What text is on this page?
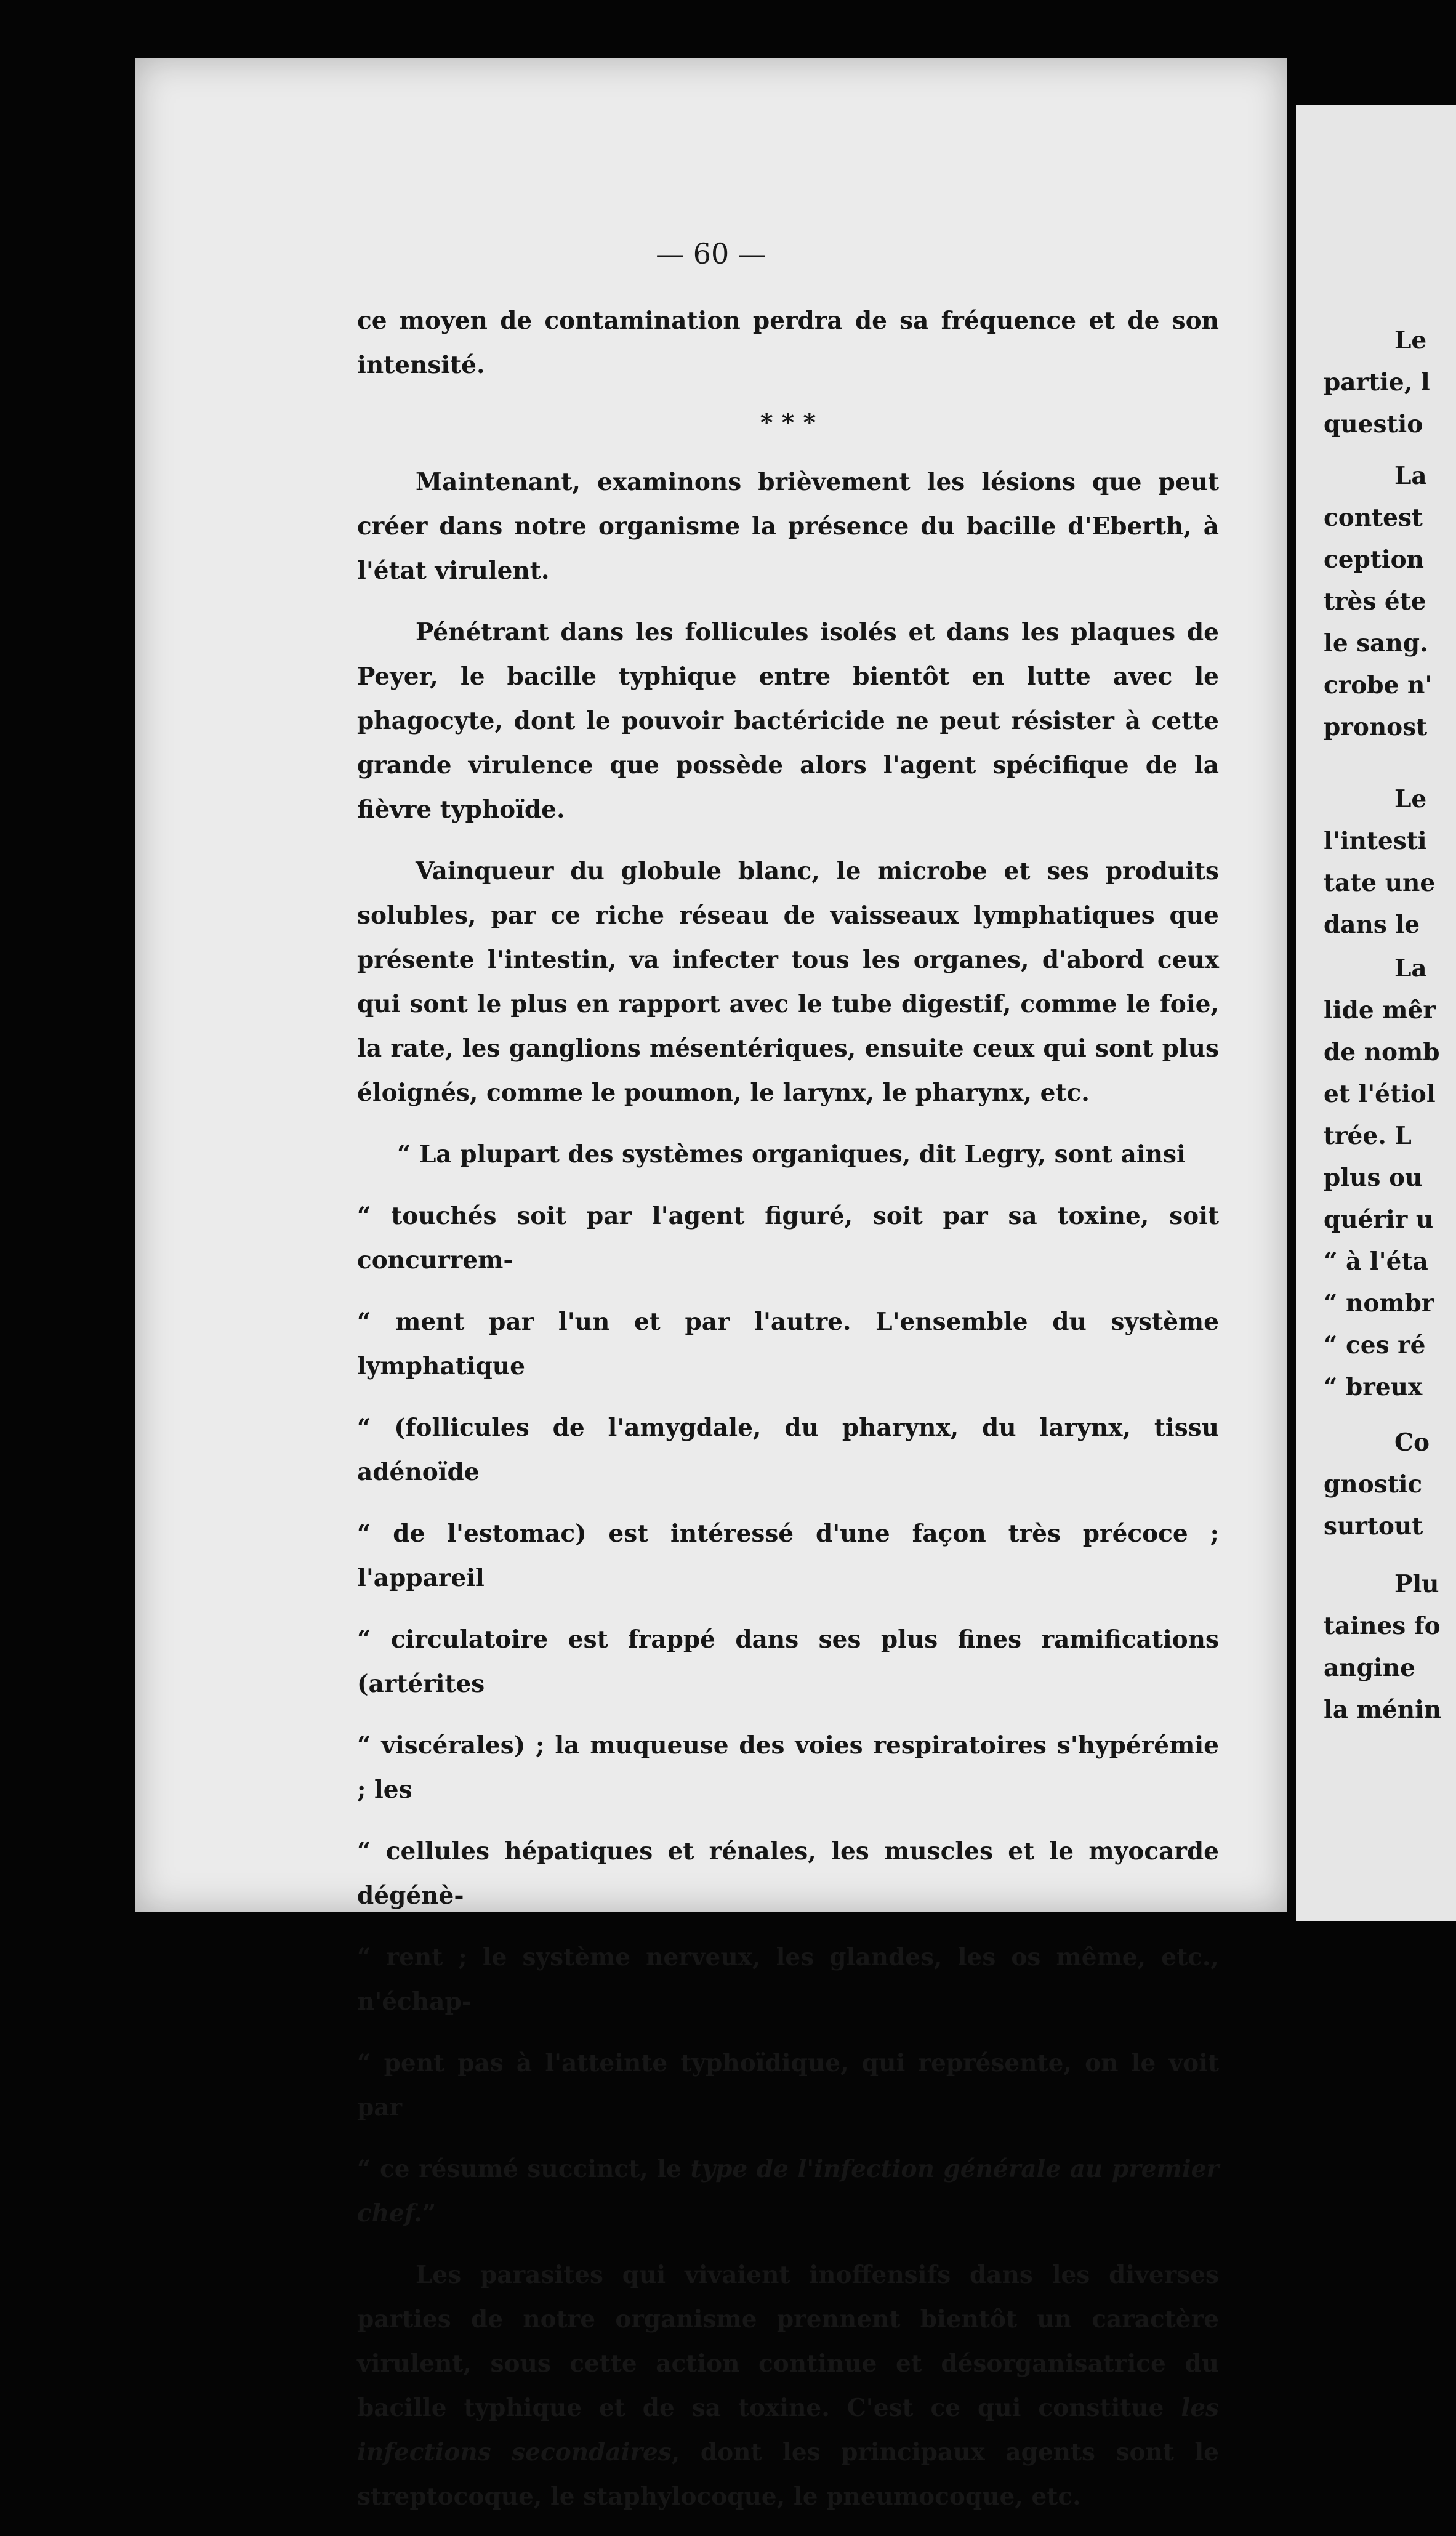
— 60 —

ce moyen de contamination perdra de sa fréquence et de son intensité.

* * *

Maintenant, examinons brièvement les lésions que peut créer dans notre organisme la présence du bacille d'Eberth, à l'état virulent.

Pénétrant dans les follicules isolés et dans les plaques de Peyer, le bacille typhique entre bientôt en lutte avec le phagocyte, dont le pouvoir bactéricide ne peut résister à cette grande virulence que possède alors l'agent spécifique de la fièvre typhoïde.

Vainqueur du globule blanc, le microbe et ses produits solubles, par ce riche réseau de vaisseaux lymphatiques que présente l'intestin, va infecter tous les organes, d'abord ceux qui sont le plus en rapport avec le tube digestif, comme le foie, la rate, les ganglions mésentériques, ensuite ceux qui sont plus éloignés, comme le poumon, le larynx, le pharynx, etc.

“ La plupart des systèmes organiques, dit Legry, sont ainsi

“ touchés soit par l'agent figuré, soit par sa toxine, soit concurrem-

“ ment par l'un et par l'autre. L'ensemble du système lymphatique

“ (follicules de l'amygdale, du pharynx, du larynx, tissu adénoïde

“ de l'estomac) est intéressé d'une façon très précoce ; l'appareil

“ circulatoire est frappé dans ses plus fines ramifications (artérites

“ viscérales) ; la muqueuse des voies respiratoires s'hypérémie ; les

“ cellules hépatiques et rénales, les muscles et le myocarde dégénè-

“ rent ; le système nerveux, les glandes, les os même, etc., n'échap-

“ pent pas à l'atteinte typhoïdique, qui représente, on le voit par

“ ce résumé succinct, le type de l'infection générale au premier chef.”

Les parasites qui vivaient inoffensifs dans les diverses parties de notre organisme prennent bientôt un caractère virulent, sous cette action continue et désorganisatrice du bacille typhique et de sa toxine. C'est ce qui constitue les infections secondaires, dont les principaux agents sont le streptocoque, le staphylocoque, le pneumocoque, etc.

Le
partie, l
questio
La
contest
ception
très éte
le sang.
crobe n'
pronost
Le
l'intesti
tate une
dans le
La
lide mêr
de nomb
et l'étiol
trée. L
plus ou
quérir u
“ à l'éta
“ nombr
“ ces ré
“ breux
Co
gnostic
surtout
Plu
taines fo
angine
la ménin
